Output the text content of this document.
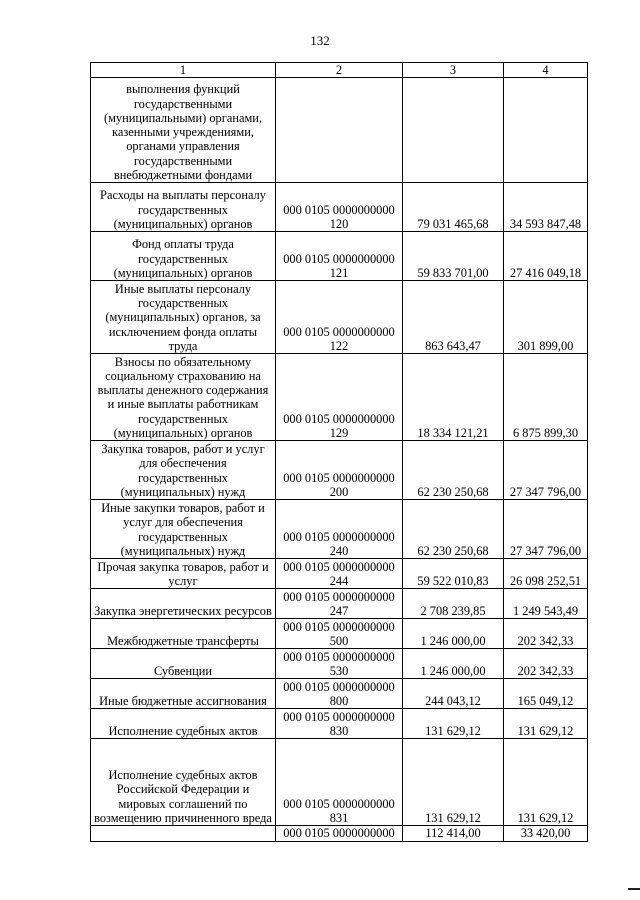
132
1	2	3	4
выполнения функций государственными (муниципальными) органами, казенными учреждениями, органами управления государственными внебюджетными фондами			
Расходы на выплаты персоналу государственных (муниципальных) органов	000 0105 0000000000 120	79 031 465,68	34 593 847,48
Фонд оплаты труда государственных (муниципальных) органов	000 0105 0000000000 121	59 833 701,00	27 416 049,18
Иные выплаты персоналу государственных (муниципальных) органов, за исключением фонда оплаты труда	000 0105 0000000000 122	863 643,47	301 899,00
Взносы по обязательному социальному страхованию на выплаты денежного содержания и иные выплаты работникам государственных (муниципальных) органов	000 0105 0000000000 129	18 334 121,21	6 875 899,30
Закупка товаров, работ и услуг для обеспечения государственных (муниципальных) нужд	000 0105 0000000000 200	62 230 250,68	27 347 796,00
Иные закупки товаров, работ и услуг для обеспечения государственных (муниципальных) нужд	000 0105 0000000000 240	62 230 250,68	27 347 796,00
Прочая закупка товаров, работ и услуг	000 0105 0000000000 244	59 522 010,83	26 098 252,51
Закупка энергетических ресурсов	000 0105 0000000000 247	2 708 239,85	1 249 543,49
Межбюджетные трансферты	000 0105 0000000000 500	1 246 000,00	202 342,33
Субвенции	000 0105 0000000000 530	1 246 000,00	202 342,33
Иные бюджетные ассигнования	000 0105 0000000000 800	244 043,12	165 049,12
Исполнение судебных актов	000 0105 0000000000 830	131 629,12	131 629,12
Исполнение судебных актов Российской Федерации и мировых соглашений по возмещению причиненного вреда	000 0105 0000000000 831	131 629,12	131 629,12
	000 0105 0000000000	112 414,00	33 420,00
